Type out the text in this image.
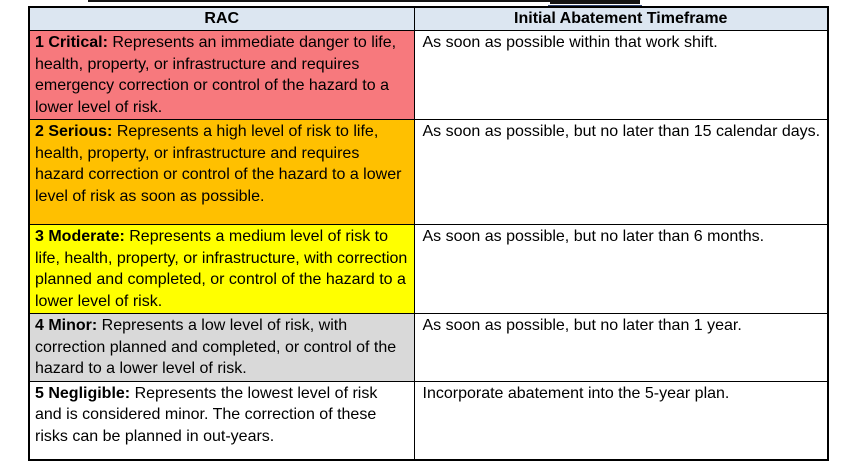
RAC	Initial Abatement Timeframe
1 Critical: Represents an immediate danger to life, health, property, or infrastructure and requires emergency correction or control of the hazard to a lower level of risk.	As soon as possible within that work shift.
2 Serious: Represents a high level of risk to life, health, property, or infrastructure and requires hazard correction or control of the hazard to a lower level of risk as soon as possible.	As soon as possible, but no later than 15 calendar days.
3 Moderate: Represents a medium level of risk to life, health, property, or infrastructure, with correction planned and completed, or control of the hazard to a lower level of risk.	As soon as possible, but no later than 6 months.
4 Minor: Represents a low level of risk, with correction planned and completed, or control of the hazard to a lower level of risk.	As soon as possible, but no later than 1 year.
5 Negligible: Represents the lowest level of risk and is considered minor. The correction of these risks can be planned in out-years.	Incorporate abatement into the 5-year plan.
